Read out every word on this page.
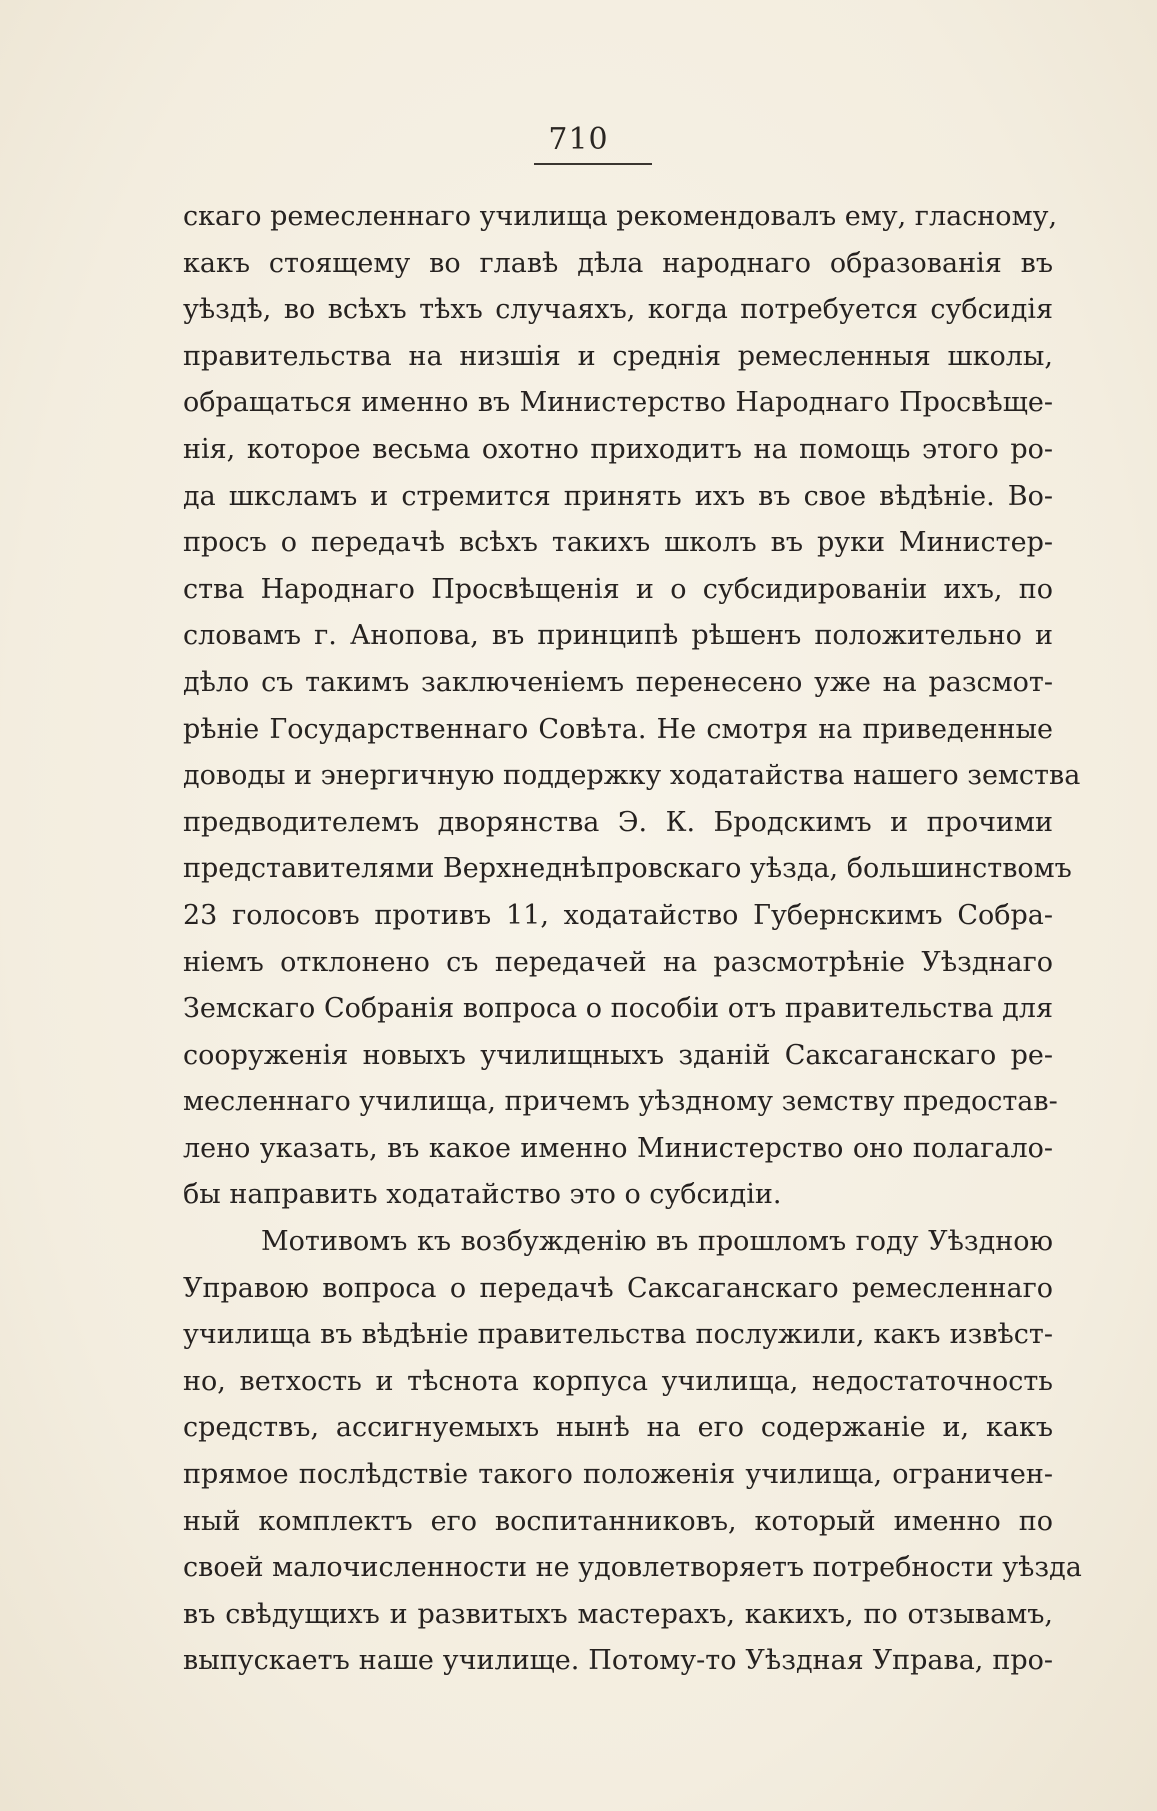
710
скаго ремесленнаго училища рекомендовалъ ему, гласному,
какъ стоящему во главѣ дѣла народнаго образованія въ
уѣздѣ, во всѣхъ тѣхъ случаяхъ, когда потребуется субсидія
правительства на низшія и среднія ремесленныя школы,
обращаться именно въ Министерство Народнаго Просвѣще-
нія, которое весьма охотно приходитъ на помощь этого ро-
да шксламъ и стремится принять ихъ въ свое вѣдѣніе. Во-
просъ о передачѣ всѣхъ такихъ школъ въ руки Министер-
ства Народнаго Просвѣщенія и о субсидированіи ихъ, по
словамъ г. Анопова, въ принципѣ рѣшенъ положительно и
дѣло съ такимъ заключеніемъ перенесено уже на разсмот-
рѣніе Государственнаго Совѣта. Не смотря на приведенные
доводы и энергичную поддержку ходатайства нашего земства
предводителемъ дворянства Э. К. Бродскимъ и прочими
представителями Верхнеднѣпровскаго уѣзда, большинствомъ
23 голосовъ противъ 11, ходатайство Губернскимъ Собра-
ніемъ отклонено съ передачей на разсмотрѣніе Уѣзднаго
Земскаго Собранія вопроса о пособіи отъ правительства для
сооруженія новыхъ училищныхъ зданій Саксаганскаго ре-
месленнаго училища, причемъ уѣздному земству предостав-
лено указать, въ какое именно Министерство оно полагало-
бы направить ходатайство это о субсидіи.
Мотивомъ къ возбужденію въ прошломъ году Уѣздною
Управою вопроса о передачѣ Саксаганскаго ремесленнаго
училища въ вѣдѣніе правительства послужили, какъ извѣст-
но, ветхость и тѣснота корпуса училища, недостаточность
средствъ, ассигнуемыхъ нынѣ на его содержаніе и, какъ
прямое послѣдствіе такого положенія училища, ограничен-
ный комплектъ его воспитанниковъ, который именно по
своей малочисленности не удовлетворяетъ потребности уѣзда
въ свѣдущихъ и развитыхъ мастерахъ, какихъ, по отзывамъ,
выпускаетъ наше училище. Потому-то Уѣздная Управа, про-
